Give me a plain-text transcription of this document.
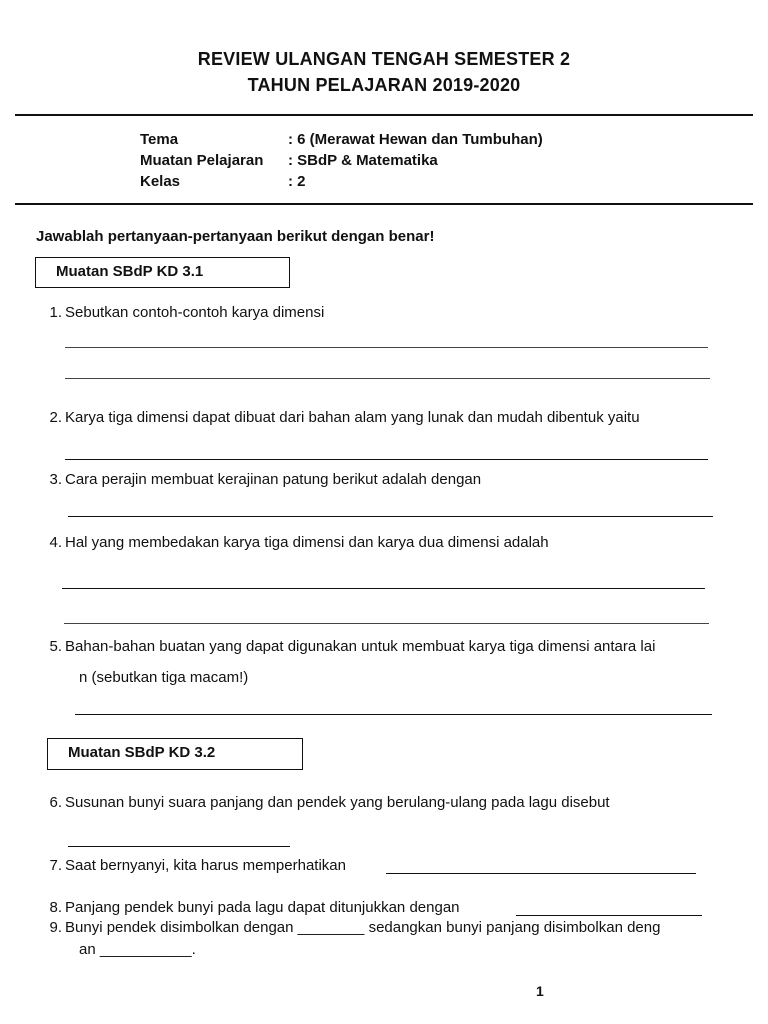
REVIEW ULANGAN TENGAH SEMESTER 2
TAHUN PELAJARAN 2019-2020
Tema	: 6 (Merawat Hewan dan Tumbuhan)
Muatan Pelajaran : SBdP & Matematika
Kelas	: 2
Jawablah pertanyaan-pertanyaan berikut dengan benar!
Muatan SBdP KD 3.1
1. Sebutkan contoh-contoh karya dimensi
2. Karya tiga dimensi dapat dibuat dari bahan alam yang lunak dan mudah dibentuk yaitu
3. Cara perajin membuat kerajinan patung berikut adalah dengan
4. Hal yang membedakan karya tiga dimensi dan karya dua dimensi adalah
5. Bahan-bahan buatan yang dapat digunakan untuk membuat karya tiga dimensi antara lai
n (sebutkan tiga macam!)
Muatan SBdP KD 3.2
6. Susunan bunyi suara panjang dan pendek yang berulang-ulang pada lagu disebut
7. Saat bernyanyi, kita harus memperhatikan
8. Panjang pendek bunyi pada lagu dapat ditunjukkan dengan
9. Bunyi pendek disimbolkan dengan ________ sedangkan bunyi panjang disimbolkan deng
an ___________.
1
